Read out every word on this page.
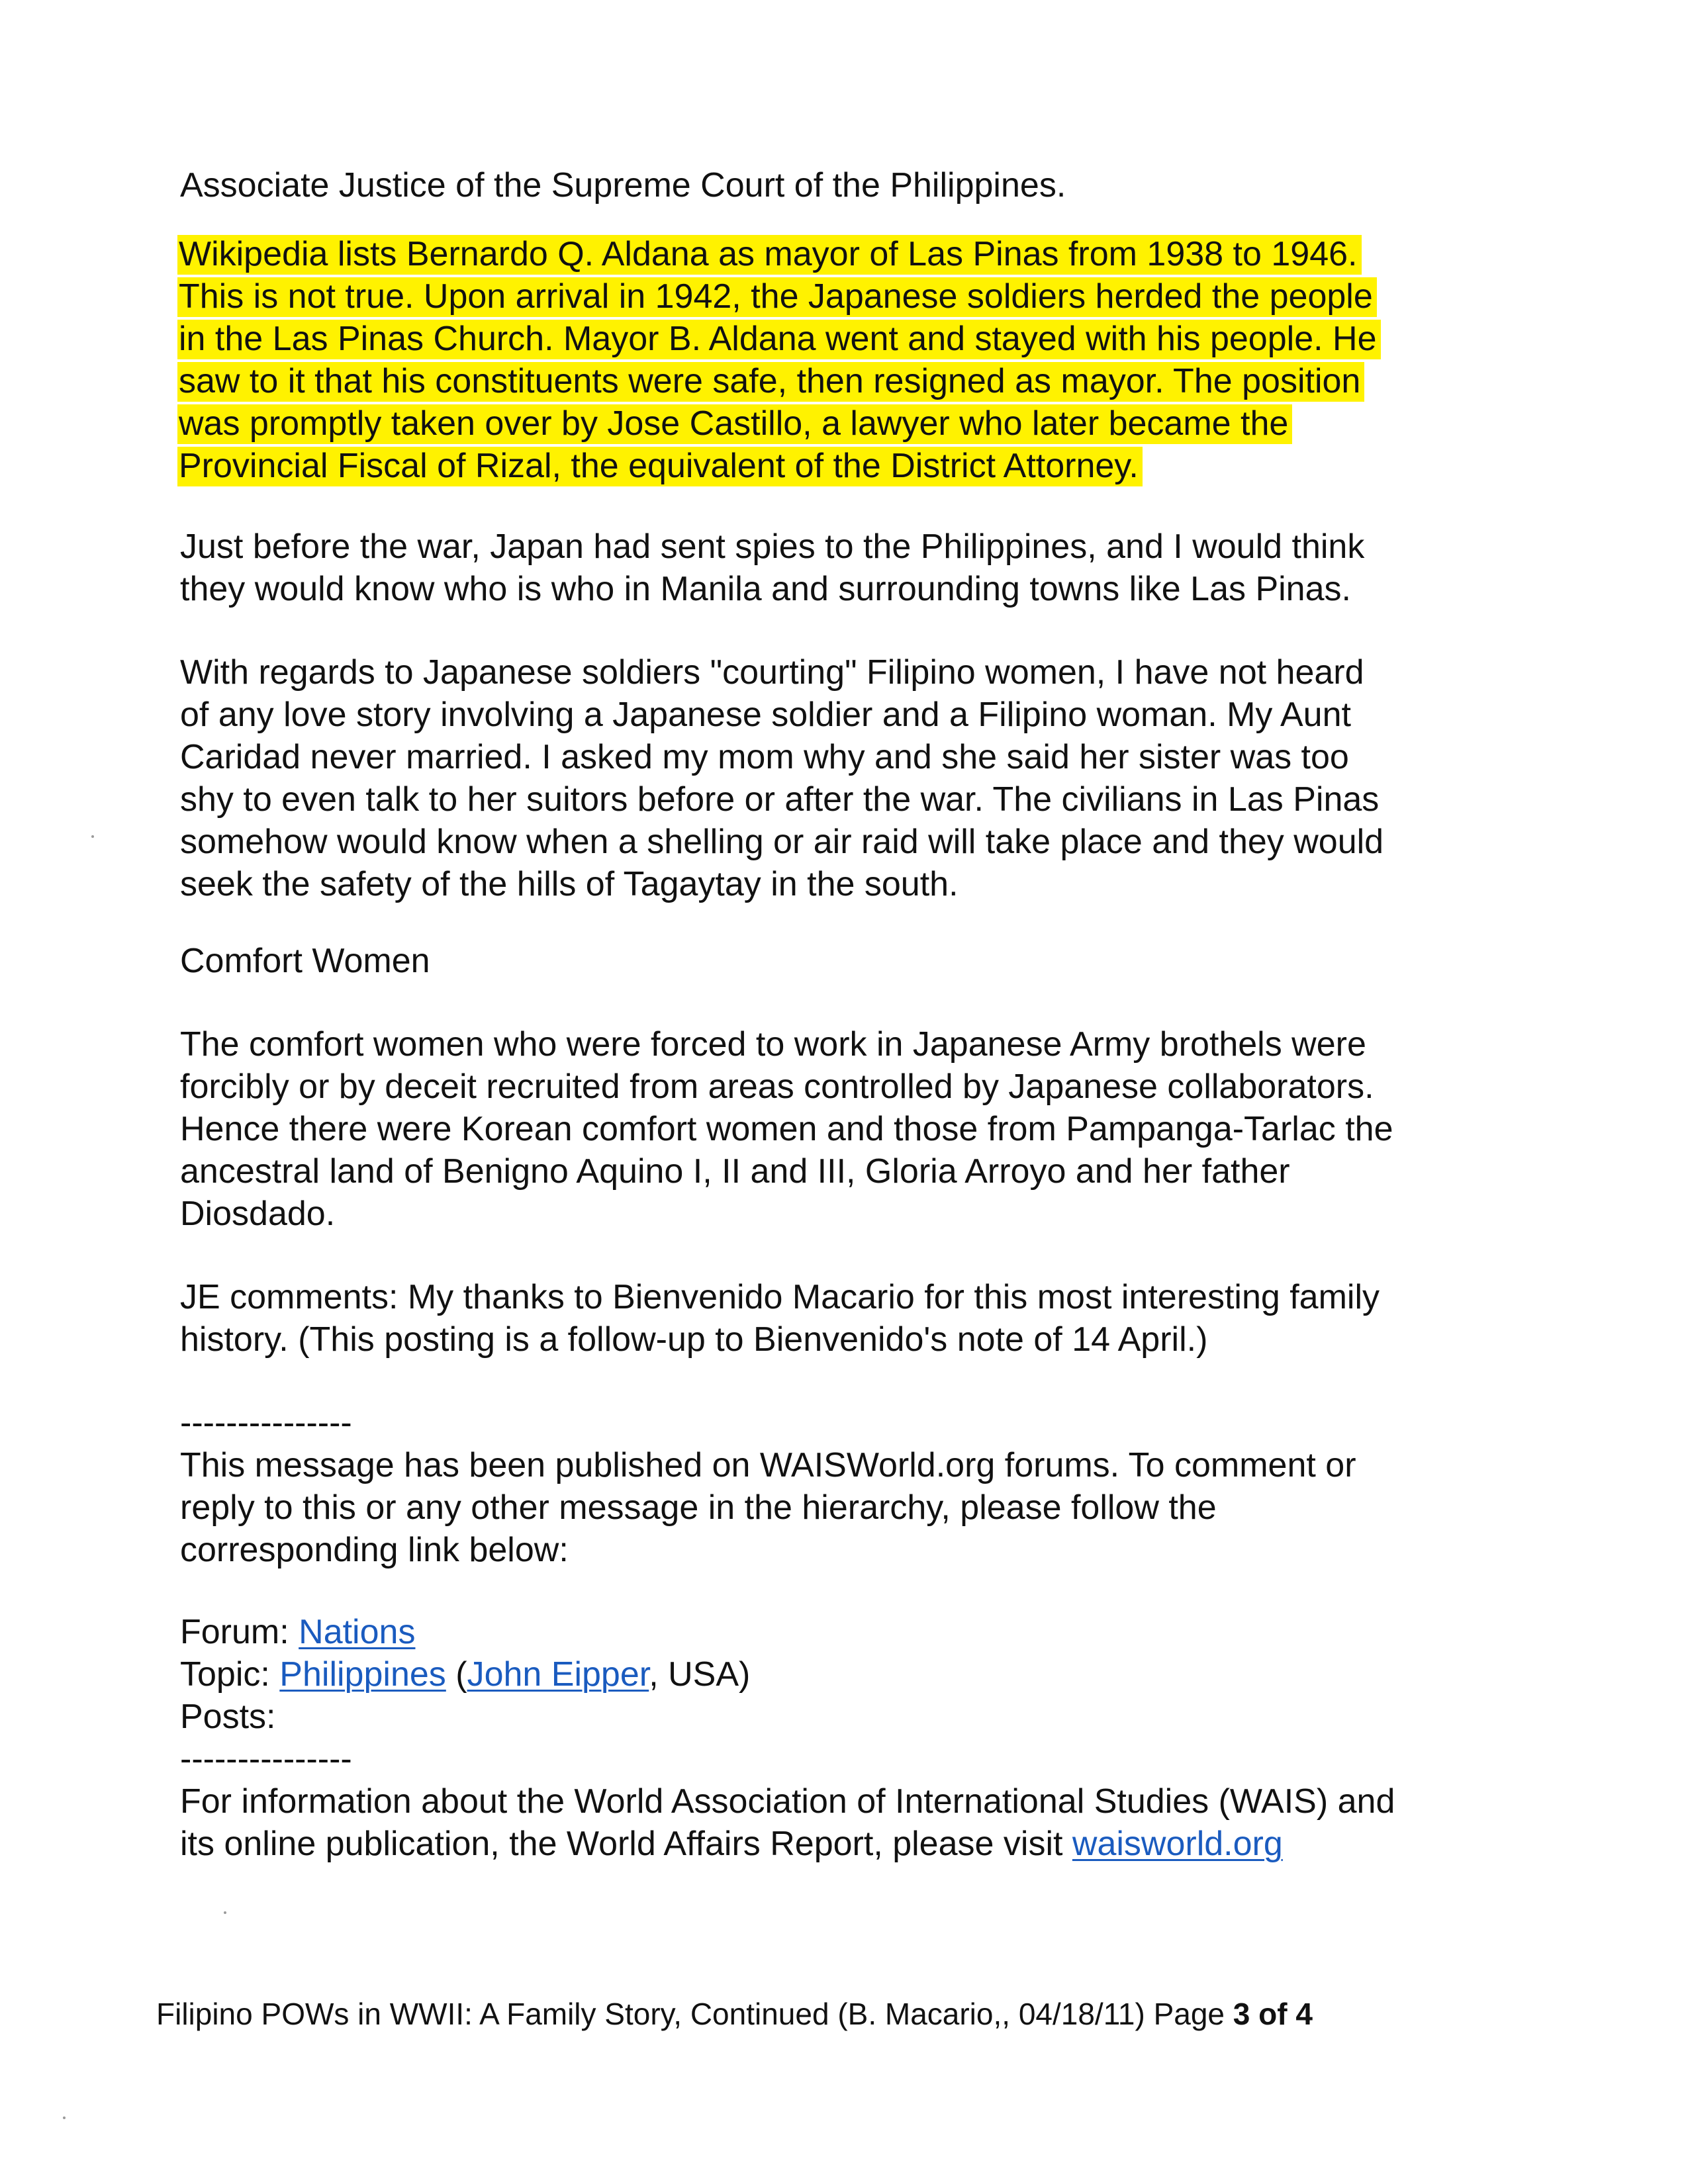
Associate Justice of the Supreme Court of the Philippines.

Wikipedia lists Bernardo Q. Aldana as mayor of Las Pinas from 1938 to 1946.
This is not true. Upon arrival in 1942, the Japanese soldiers herded the people
in the Las Pinas Church. Mayor B. Aldana went and stayed with his people. He
saw to it that his constituents were safe, then resigned as mayor. The position
was promptly taken over by Jose Castillo, a lawyer who later became the
Provincial Fiscal of Rizal, the equivalent of the District Attorney.

Just before the war, Japan had sent spies to the Philippines, and I would think
they would know who is who in Manila and surrounding towns like Las Pinas.

With regards to Japanese soldiers "courting" Filipino women, I have not heard
of any love story involving a Japanese soldier and a Filipino woman. My Aunt
Caridad never married. I asked my mom why and she said her sister was too
shy to even talk to her suitors before or after the war. The civilians in Las Pinas
somehow would know when a shelling or air raid will take place and they would
seek the safety of the hills of Tagaytay in the south.

Comfort Women

The comfort women who were forced to work in Japanese Army brothels were
forcibly or by deceit recruited from areas controlled by Japanese collaborators.
Hence there were Korean comfort women and those from Pampanga-Tarlac the
ancestral land of Benigno Aquino I, II and III, Gloria Arroyo and her father
Diosdado.

JE comments: My thanks to Bienvenido Macario for this most interesting family
history. (This posting is a follow-up to Bienvenido's note of 14 April.)

---------------

This message has been published on WAISWorld.org forums. To comment or
reply to this or any other message in the hierarchy, please follow the
corresponding link below:

Forum: Nations
Topic: Philippines (John Eipper, USA)
Posts:

---------------

For information about the World Association of International Studies (WAIS) and
its online publication, the World Affairs Report, please visit waisworld.org

Filipino POWs in WWII: A Family Story, Continued (B. Macario,, 04/18/11) Page 3 of 4
